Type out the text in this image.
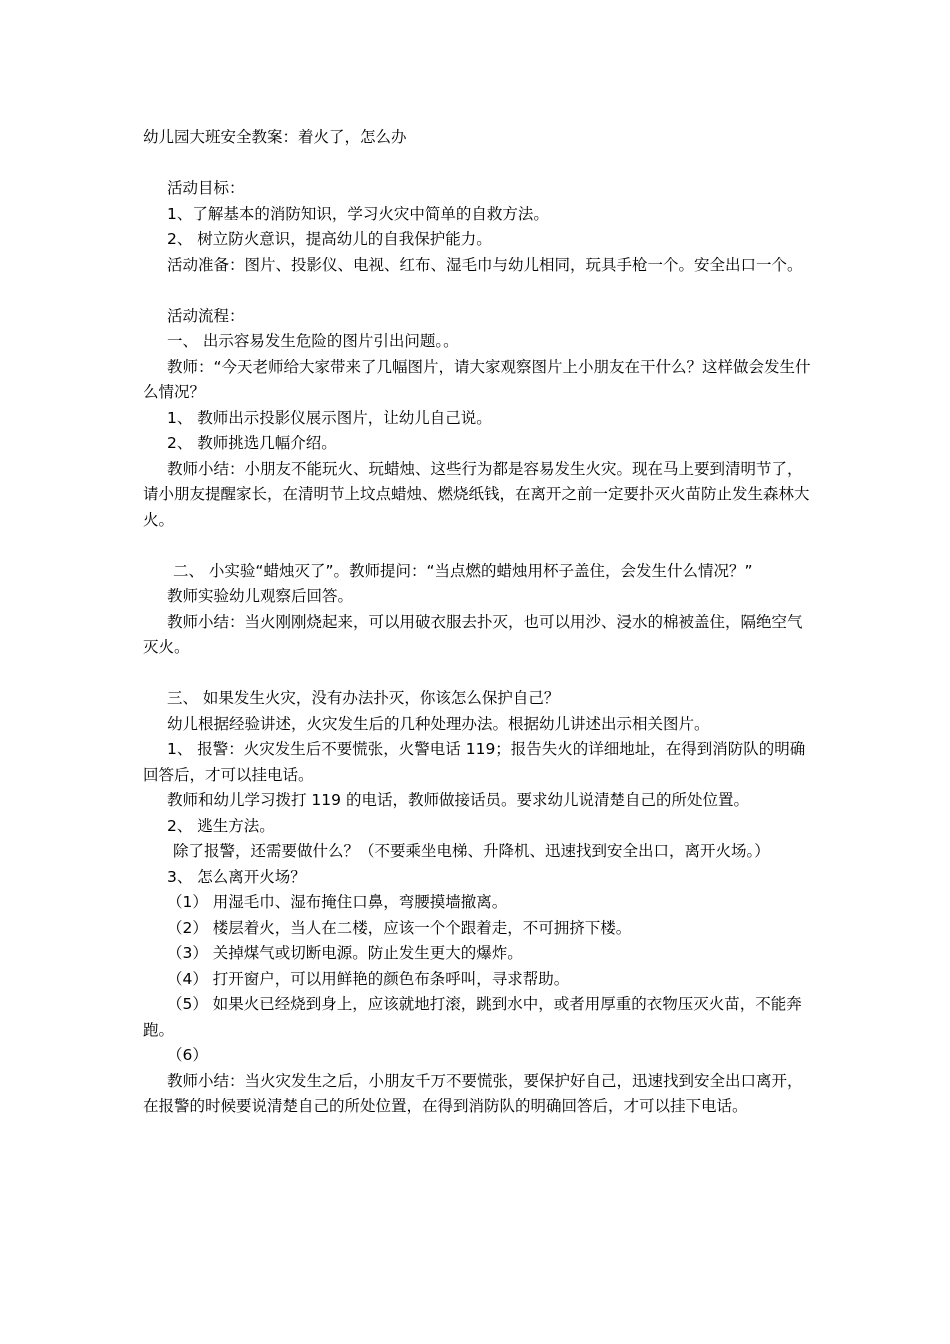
幼儿园大班安全教案：着火了，怎么办

活动目标：

1、了解基本的消防知识，学习火灾中简单的自救方法。

2、 树立防火意识，提高幼儿的自我保护能力。

活动准备：图片、投影仪、电视、红布、湿毛巾与幼儿相同，玩具手枪一个。安全出口一个。

活动流程：

一、 出示容易发生危险的图片引出问题。。

教师：“今天老师给大家带来了几幅图片，请大家观察图片上小朋友在干什么？这样做会发生什么情况？

1、 教师出示投影仪展示图片，让幼儿自己说。

2、 教师挑选几幅介绍。

教师小结：小朋友不能玩火、玩蜡烛、这些行为都是容易发生火灾。现在马上要到清明节了，请小朋友提醒家长，在清明节上坟点蜡烛、燃烧纸钱，在离开之前一定要扑灭火苗防止发生森林大火。

二、 小实验“蜡烛灭了”。教师提问：“当点燃的蜡烛用杯子盖住，会发生什么情况？”

教师实验幼儿观察后回答。

教师小结：当火刚刚烧起来，可以用破衣服去扑灭，也可以用沙、浸水的棉被盖住，隔绝空气灭火。

三、 如果发生火灾，没有办法扑灭，你该怎么保护自己？

幼儿根据经验讲述，火灾发生后的几种处理办法。根据幼儿讲述出示相关图片。

1、 报警：火灾发生后不要慌张，火警电话 119；报告失火的详细地址，在得到消防队的明确回答后，才可以挂电话。

教师和幼儿学习拨打 119 的电话，教师做接话员。要求幼儿说清楚自己的所处位置。

2、 逃生方法。

除了报警，还需要做什么？（不要乘坐电梯、升降机、迅速找到安全出口，离开火场。）

3、 怎么离开火场？

（1） 用湿毛巾、湿布掩住口鼻，弯腰摸墙撤离。

（2） 楼层着火，当人在二楼，应该一个个跟着走，不可拥挤下楼。

（3） 关掉煤气或切断电源。防止发生更大的爆炸。

（4） 打开窗户，可以用鲜艳的颜色布条呼叫，寻求帮助。

（5） 如果火已经烧到身上，应该就地打滚，跳到水中，或者用厚重的衣物压灭火苗，不能奔跑。

（6）

教师小结：当火灾发生之后，小朋友千万不要慌张，要保护好自己，迅速找到安全出口离开，在报警的时候要说清楚自己的所处位置，在得到消防队的明确回答后，才可以挂下电话。
